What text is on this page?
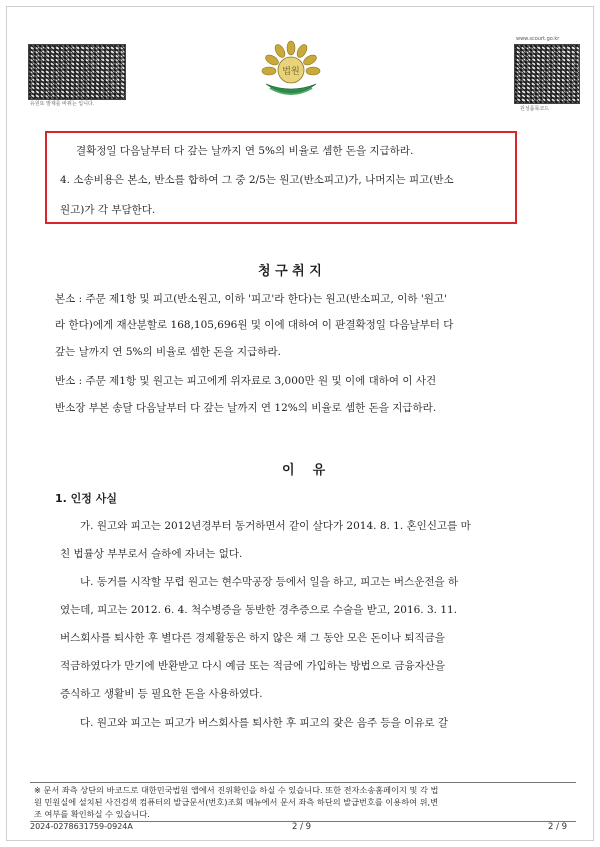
유원또 발제를 바꿔는 입니다.
www.scourt.go.kr
원성품목코드
법원
결확정일 다음날부터 다 갚는 날까지 연 5%의 비율로 셈한 돈을 지급하라.
4. 소송비용은 본소, 반소를 합하여 그 중 2/5는 원고(반소피고)가, 나머지는 피고(반소
원고)가 각 부담한다.
청 구 취 지
본소 : 주문 제1항 및 피고(반소원고, 이하 '피고'라 한다)는 원고(반소피고, 이하 '원고'
라 한다)에게 재산분할로 168,105,696원 및 이에 대하여 이 판결확정일 다음날부터 다
갚는 날까지 연 5%의 비율로 셈한 돈을 지급하라.
반소 : 주문 제1항 및 원고는 피고에게 위자료로 3,000만 원 및 이에 대하여 이 사건
반소장 부본 송달 다음날부터 다 갚는 날까지 연 12%의 비율로 셈한 돈을 지급하라.
이    유
1. 인정 사실
가. 원고와 피고는 2012년경부터 동거하면서 같이 살다가 2014. 8. 1. 혼인신고를 마
친 법률상 부부로서 슬하에 자녀는 없다.
나. 동거를 시작할 무렵 원고는 현수막공장 등에서 일을 하고, 피고는 버스운전을 하
였는데, 피고는 2012. 6. 4. 척수병증을 동반한 경추증으로 수술을 받고, 2016. 3. 11.
버스회사를 퇴사한 후 별다른 경제활동은 하지 않은 채 그 동안 모은 돈이나 퇴직금을
적금하였다가 만기에 반환받고 다시 예금 또는 적금에 가입하는 방법으로 금융자산을
증식하고 생활비 등 필요한 돈을 사용하였다.
다. 원고와 피고는 피고가 버스회사를 퇴사한 후 피고의 잦은 음주 등을 이유로 갈
※ 문서 좌측 상단의 바코드로 대한민국법원 앱에서 진위확인을 하실 수 있습니다. 또한 전자소송홈페이지 및 각 법
원 민원실에 설치된 사건검색 컴퓨터의 발급문서(번호)조회 메뉴에서 문서 좌측 하단의 발급번호를 이용하여 위,변
조 여부를 확인하실 수 있습니다.
2024-0278631759-0924A	2 / 9	2 / 9
